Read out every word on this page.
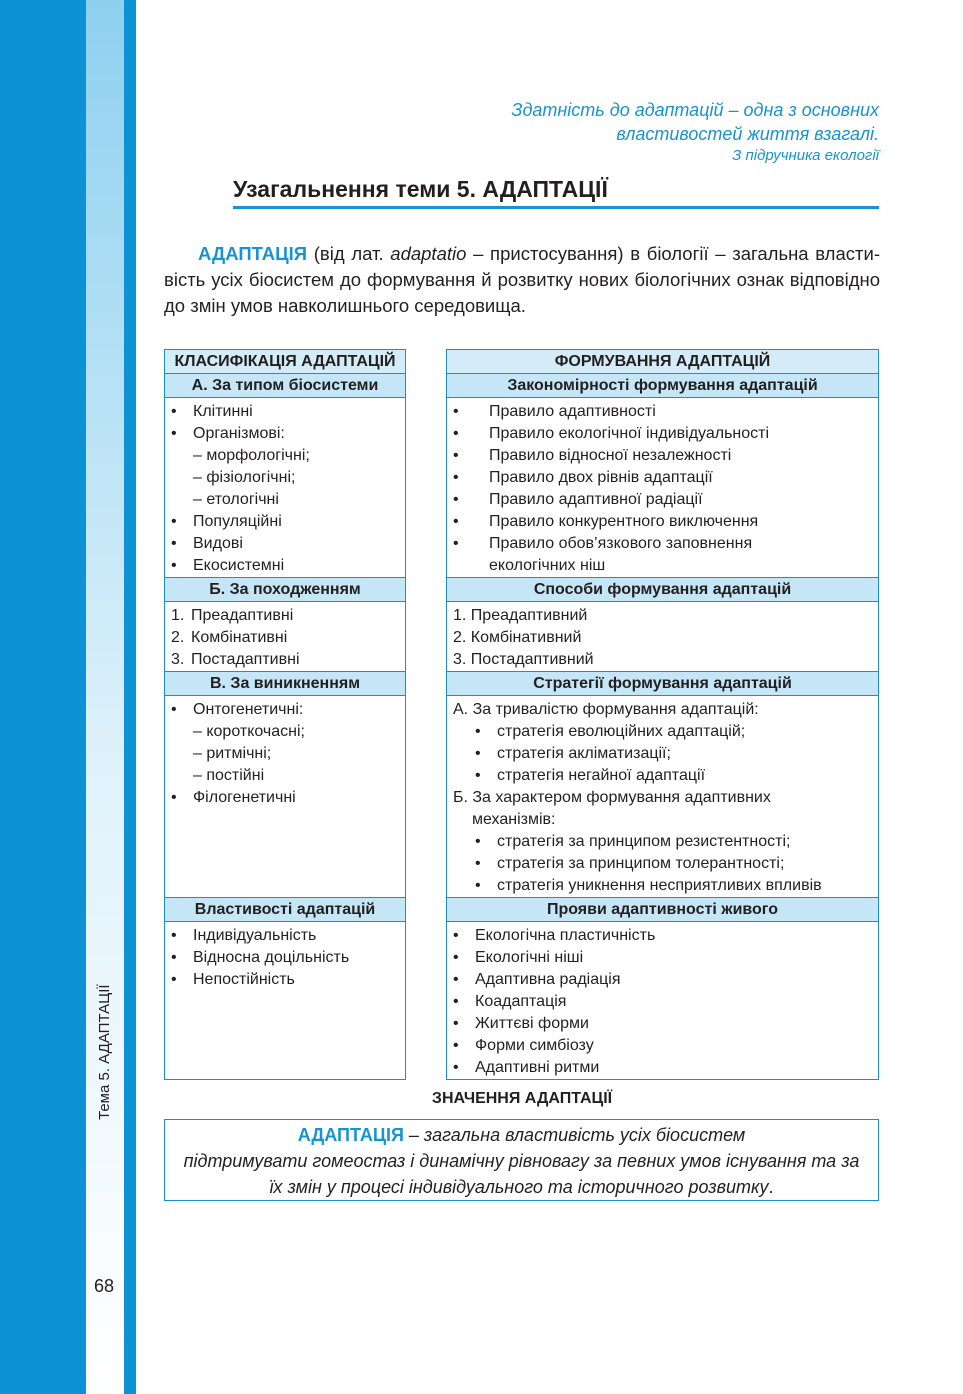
Тема 5. АДАПТАЦІЇ
68
Здатність до адаптацій – одна з основних
властивостей життя взагалі.
З підручника екології
Узагальнення теми 5. АДАПТАЦІЇ

АДАПТАЦІЯ (від лат. adaptatio – пристосування) в біології – загальна властивість усіх біосистем до формування й розвитку нових біологічних ознак відповідно до змін умов навколишнього середовища.

КЛАСИФІКАЦІЯ АДАПТАЦІЙ
А. За типом біосистеми

• Клітинні
• Організмові:
– морфологічні;
– фізіологічні;
– етологічні
• Популяційні
• Видові
• Екосистемні

Б. За походженням

1. Преадаптивні
2. Комбінативні
3. Постадаптивні

В. За виникненням

• Онтогенетичні:
– короткочасні;
– ритмічні;
– постійні
• Філогенетичні

Властивості адаптацій

• Індивідуальність
• Відносна доцільність
• Непостійність
ФОРМУВАННЯ АДАПТАЦІЙ
Закономірності формування адаптацій

• Правило адаптивності
• Правило екологічної індивідуальності
• Правило відносної незалежності
• Правило двох рівнів адаптації
• Правило адаптивної радіації
• Правило конкурентного виключення
• Правило обов’язкового заповнення
екологічних ніш

Способи формування адаптацій

1. Преадаптивний
2. Комбінативний
3. Постадаптивний

Стратегії формування адаптацій

А. За тривалістю формування адаптацій:
• стратегія еволюційних адаптацій;
• стратегія акліматизації;
• стратегія негайної адаптації
Б. За характером формування адаптивних
механізмів:
• стратегія за принципом резистентності;
• стратегія за принципом толерантності;
• стратегія уникнення несприятливих впливів

Прояви адаптивності живого

• Екологічна пластичність
• Екологічні ніші
• Адаптивна радіація
• Коадаптація
• Життєві форми
• Форми симбіозу
• Адаптивні ритми
ЗНАЧЕННЯ АДАПТАЦІЇ
АДАПТАЦІЯ – загальна властивість усіх біосистем
підтримувати гомеостаз і динамічну рівновагу за певних умов існування та за
їх змін у процесі індивідуального та історичного розвитку.
